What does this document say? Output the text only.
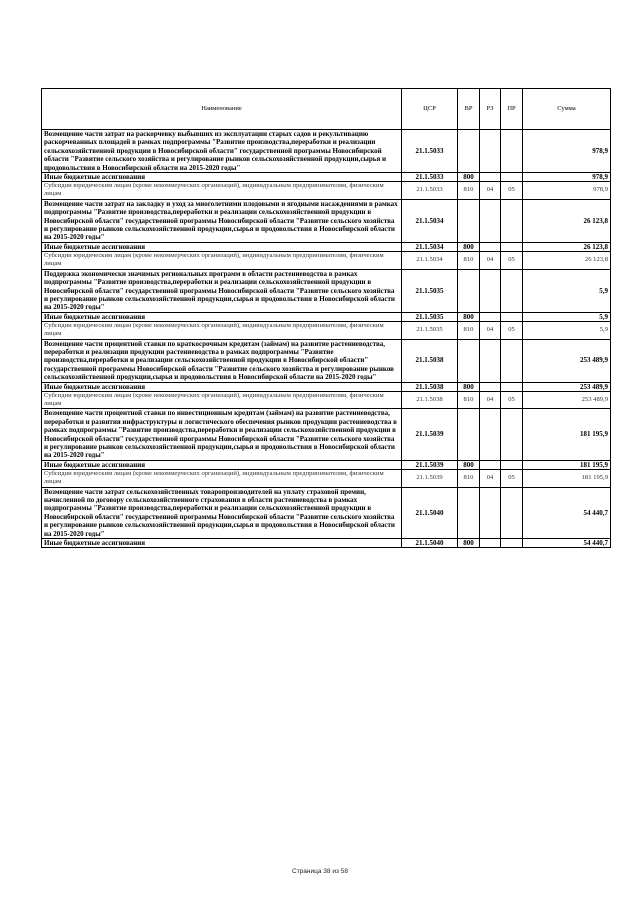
Наименование	ЦСР	ВР	РЗ	ПР	Сумма
Возмещение части затрат на раскорчевку выбывших из эксплуатации старых садов и рекультивацию раскорчеванных площадей в рамках подпрограммы "Развитие производства,переработки и реализации сельскохозяйственной продукции в Новосибирской области" государственной программы Новосибирской области "Развитие сельского хозяйства и регулирование рынков сельскохозяйственной продукции,сырья и продовольствия в Новосибирской области на 2015-2020 годы"	21.1.5033				978,9
Иные бюджетные ассигнования	21.1.5033	800			978,9
Субсидии юридическим лицам (кроме некоммерческих организаций), индивидуальным предпринимателям, физическим лицам	21.1.5033	810	04	05	978,9
Возмещение части затрат на закладку и уход за многолетними плодовыми и ягодными насаждениями в рамках подпрограммы "Развитие производства,переработки и реализации сельскохозяйственной продукции в Новосибирской области" государственной программы Новосибирской области "Развитие сельского хозяйства и регулирование рынков сельскохозяйственной продукции,сырья и продовольствия в Новосибирской области на 2015-2020 годы"	21.1.5034				26 123,8
Иные бюджетные ассигнования	21.1.5034	800			26 123,8
Субсидии юридическим лицам (кроме некоммерческих организаций), индивидуальным предпринимателям, физическим лицам	21.1.5034	810	04	05	26 123,8
Поддержка экономически значимых региональных программ в области растениеводства в рамках подпрограммы "Развитие производства,переработки и реализации сельскохозяйственной продукции в Новосибирской области" государственной программы Новосибирской области "Развитие сельского хозяйства и регулирование рынков сельскохозяйственной продукции,сырья и продовольствия в Новосибирской области на 2015-2020 годы"	21.1.5035				5,9
Иные бюджетные ассигнования	21.1.5035	800			5,9
Субсидии юридическим лицам (кроме некоммерческих организаций), индивидуальным предпринимателям, физическим лицам	21.1.5035	810	04	05	5,9
Возмещение части процентной ставки по краткосрочным кредитам (займам) на развитие растениеводства, переработки и реализации продукции растениеводства в рамках подпрограммы "Развитие производства,переработки и реализации сельскохозяйственной продукции в Новосибирской области" государственной программы Новосибирской области "Развитие сельского хозяйства и регулирование рынков сельскохозяйственной продукции,сырья и продовольствия в Новосибирской области на 2015-2020 годы"	21.1.5038				253 489,9
Иные бюджетные ассигнования	21.1.5038	800			253 489,9
Субсидии юридическим лицам (кроме некоммерческих организаций), индивидуальным предпринимателям, физическим лицам	21.1.5038	810	04	05	253 489,9
Возмещение части процентной ставки по инвестиционным кредитам (займам) на развитие растениеводства, переработки и развития инфраструктуры и логистического обеспечения рынков продукции растениеводства в рамках подпрограммы "Развитие производства,переработки и реализации сельскохозяйственной продукции в Новосибирской области" государственной программы Новосибирской области "Развитие сельского хозяйства и регулирование рынков сельскохозяйственной продукции,сырья и продовольствия в Новосибирской области на 2015-2020 годы"	21.1.5039				181 195,9
Иные бюджетные ассигнования	21.1.5039	800			181 195,9
Субсидии юридическим лицам (кроме некоммерческих организаций), индивидуальным предпринимателям, физическим лицам	21.1.5039	810	04	05	181 195,9
Возмещение части затрат сельскохозяйственных товаропроизводителей на уплату страховой премии, начисленной по договору сельскохозяйственного страхования в области растениеводства в рамках подпрограммы "Развитие производства,переработки и реализации сельскохозяйственной продукции в Новосибирской области" государственной программы Новосибирской области "Развитие сельского хозяйства и регулирование рынков сельскохозяйственной продукции,сырья и продовольствия в Новосибирской области на 2015-2020 годы"	21.1.5040				54 440,7
Иные бюджетные ассигнования	21.1.5040	800			54 440,7
Страница 38 из 58
